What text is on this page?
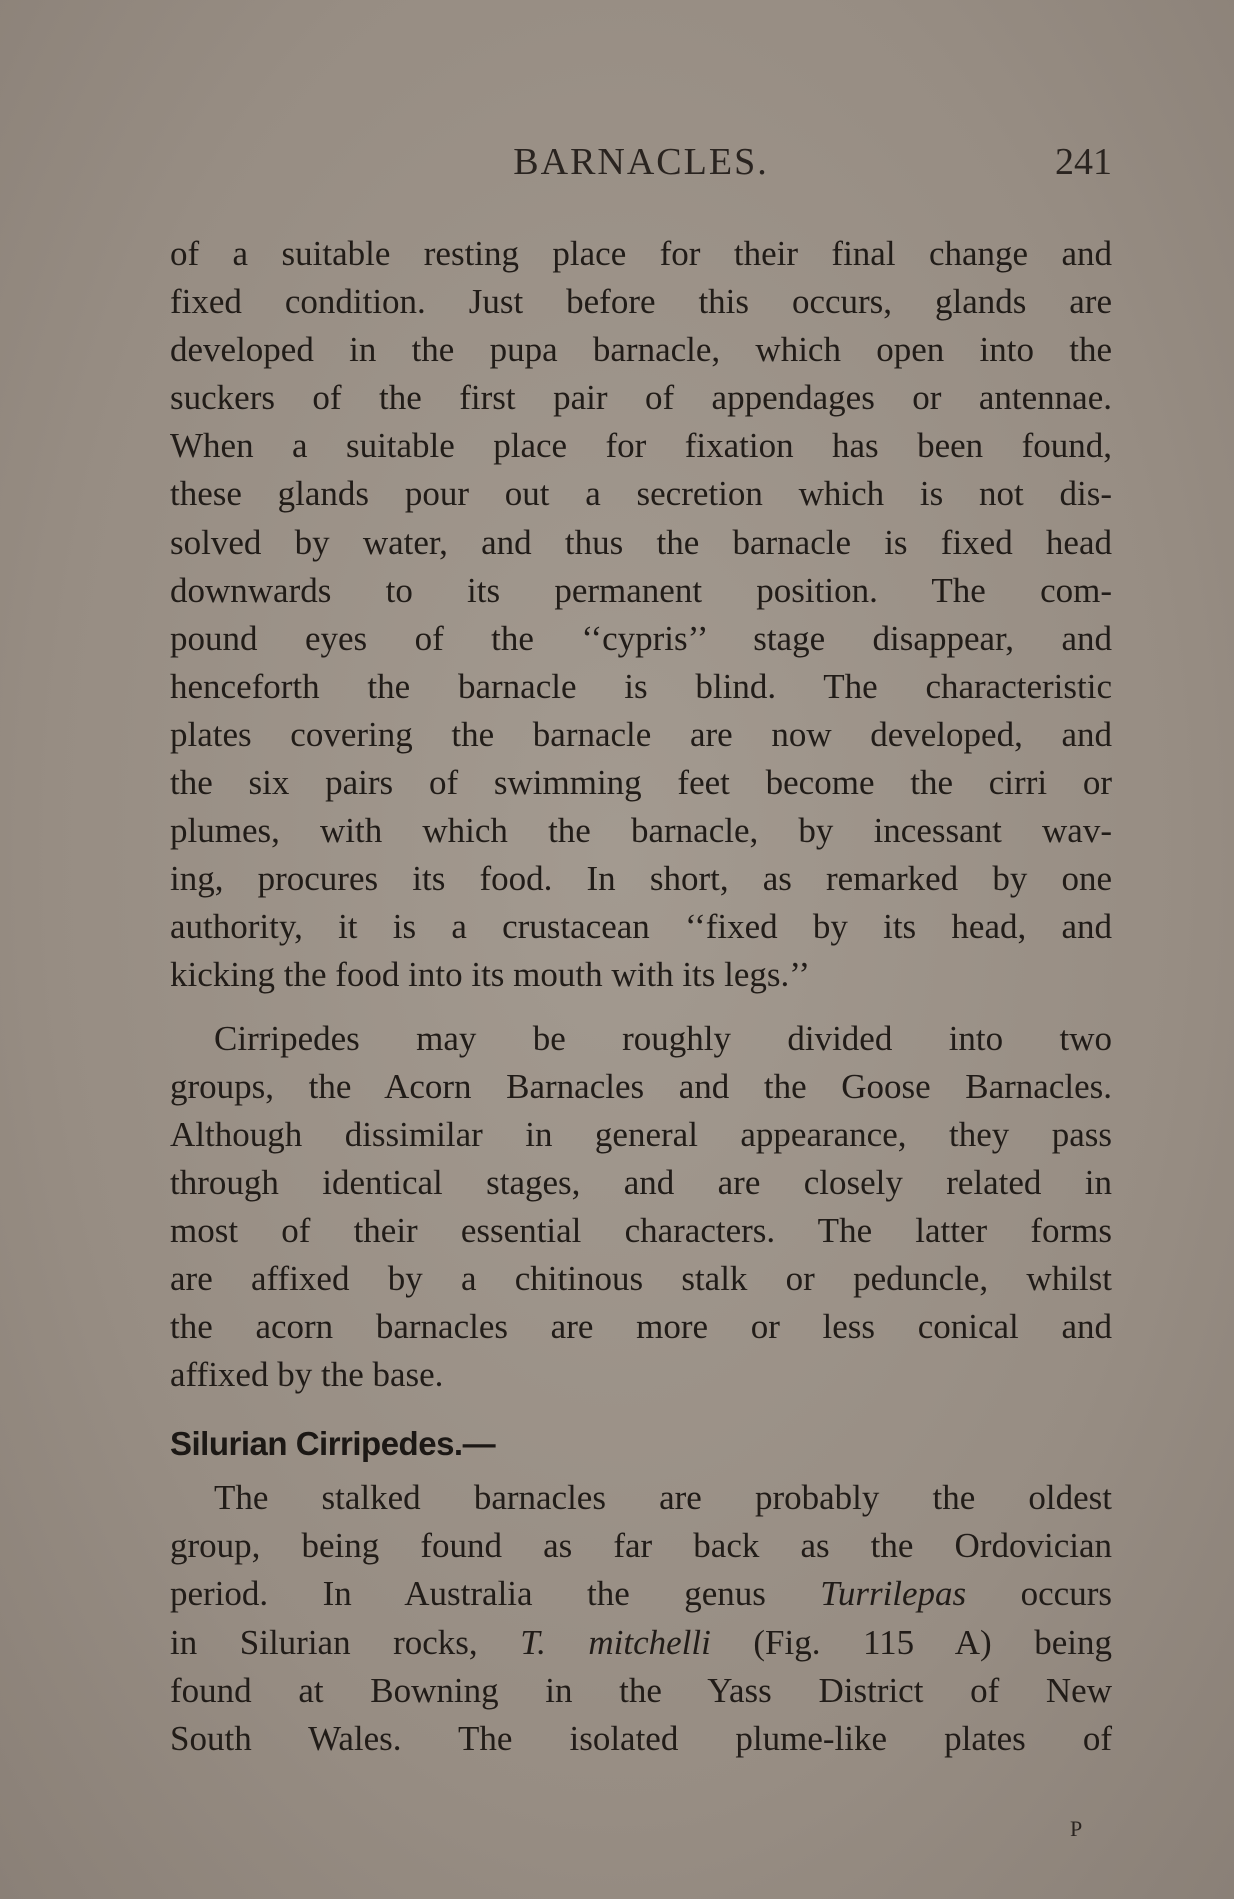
BARNACLES.	241
of a suitable resting place for their final change and
fixed condition. Just before this occurs, glands are
developed in the pupa barnacle, which open into the
suckers of the first pair of appendages or antennae.
When a suitable place for fixation has been found,
these glands pour out a secretion which is not dis-
solved by water, and thus the barnacle is fixed head
downwards to its permanent position. The com-
pound eyes of the ‘‘cypris’’ stage disappear, and
henceforth the barnacle is blind. The characteristic
plates covering the barnacle are now developed, and
the six pairs of swimming feet become the cirri or
plumes, with which the barnacle, by incessant wav-
ing, procures its food. In short, as remarked by one
authority, it is a crustacean ‘‘fixed by its head, and
kicking the food into its mouth with its legs.’’
Cirripedes may be roughly divided into two
groups, the Acorn Barnacles and the Goose Barnacles.
Although dissimilar in general appearance, they pass
through identical stages, and are closely related in
most of their essential characters. The latter forms
are affixed by a chitinous stalk or peduncle, whilst
the acorn barnacles are more or less conical and
affixed by the base.
Silurian Cirripedes.—
The stalked barnacles are probably the oldest
group, being found as far back as the Ordovician
period. In Australia the genus Turrilepas occurs
in Silurian rocks, T. mitchelli (Fig. 115 A) being
found at Bowning in the Yass District of New
South Wales. The isolated plume-like plates of
P
